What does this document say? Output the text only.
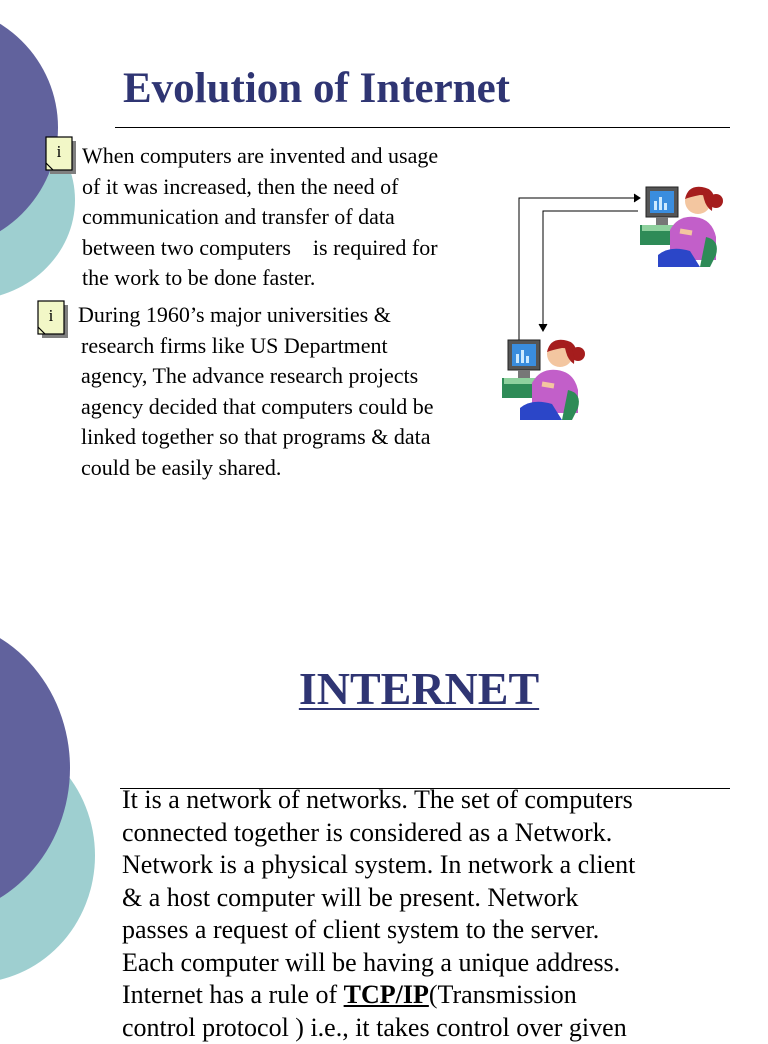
Evolution of Internet
i When computers are invented and usage
of it was increased, then the need of
communication and transfer of data
between two computers    is required for
the work to be done faster.
i During 1960’s major universities &
research firms like US Department
agency, The advance research projects
agency decided that computers could be
linked together so that programs & data
could be easily shared.
INTERNET
It is a network of networks. The set of computers
connected together is considered as a Network.
Network is a physical system. In network a client
& a host computer will be present. Network
passes a request of client system to the server.
Each computer will be having a unique address.
Internet has a rule of TCP/IP(Transmission
control protocol ) i.e., it takes control over given
